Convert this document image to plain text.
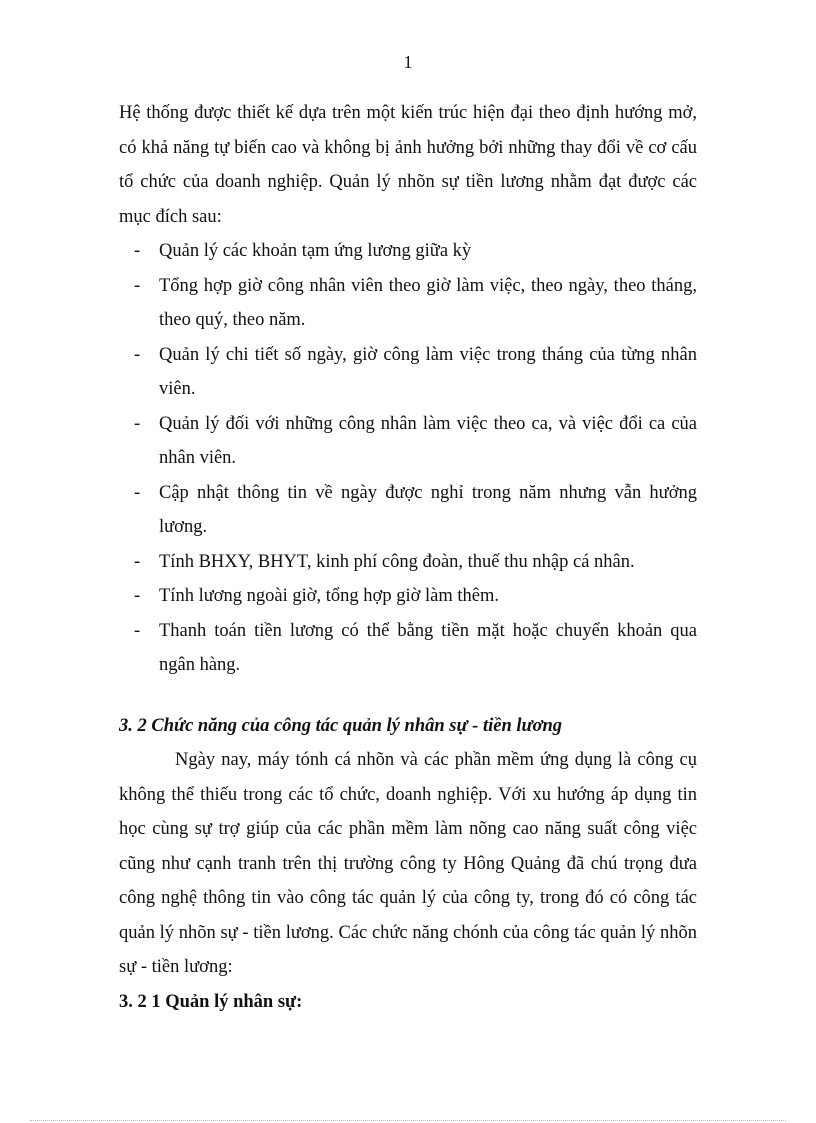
1

Hệ thống được thiết kế dựa trên một kiến trúc hiện đại theo định hướng mở, có khả năng tự biến cao và không bị ảnh hưởng bởi những thay đổi về cơ cấu tổ chức của doanh nghiệp. Quản lý nhõn sự tiền lương nhằm đạt được các mục đích sau:

- Quản lý các khoản tạm ứng lương giữa kỳ
- Tổng hợp giờ công nhân viên theo giờ làm việc, theo ngày, theo tháng, theo quý, theo năm.
- Quản lý chi tiết số ngày, giờ công làm việc trong tháng của từng nhân viên.
- Quản lý đối với những công nhân làm việc theo ca, và việc đổi ca của nhân viên.
- Cập nhật thông tin về ngày được nghỉ trong năm nhưng vẫn hưởng lương.
- Tính BHXY, BHYT, kinh phí công đoàn, thuế thu nhập cá nhân.
- Tính lương ngoài giờ, tổng hợp giờ làm thêm.
- Thanh toán tiền lương có thể bằng tiền mặt hoặc chuyển khoản qua ngân hàng.

3. 2 Chức năng của công tác quản lý nhân sự - tiền lương

Ngày nay, máy tónh cá nhõn và các phần mềm ứng dụng là công cụ không thể thiếu trong các tổ chức, doanh nghiệp. Với xu hướng áp dụng tin học cùng sự trợ giúp của các phần mềm làm nõng cao năng suất công việc cũng như cạnh tranh trên thị trường công ty Hông Quảng đã chú trọng đưa công nghệ thông tin vào công tác quản lý của công ty, trong đó có công tác quản lý nhõn sự - tiền lương. Các chức năng chónh của công tác quản lý nhõn sự - tiền lương:

3. 2 1 Quản lý nhân sự:
